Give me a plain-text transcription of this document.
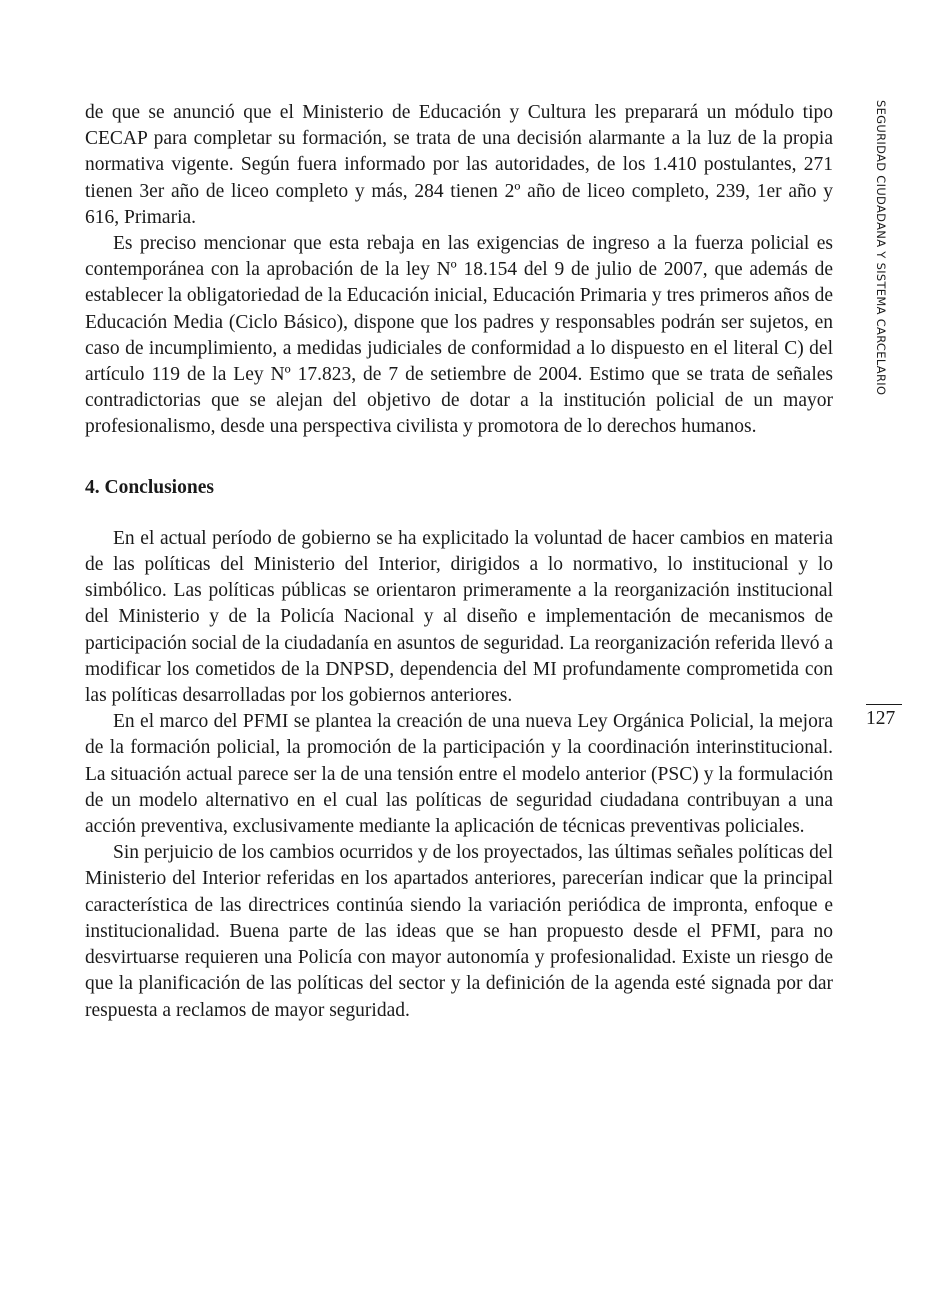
de que se anunció que el Ministerio de Educación y Cultura les preparará un módulo tipo CECAP para completar su formación, se trata de una decisión alarmante a la luz de la propia normativa vigente. Según fuera informado por las autoridades, de los 1.410 postulantes, 271 tienen 3er año de liceo completo y más, 284 tienen 2º año de liceo completo, 239, 1er año y 616, Primaria.

Es preciso mencionar que esta rebaja en las exigencias de ingreso a la fuerza policial es contemporánea con la aprobación de la ley Nº 18.154 del 9 de julio de 2007, que además de establecer la obligatoriedad de la Educación inicial, Educación Primaria y tres primeros años de Educación Media (Ciclo Básico), dispone que los padres y responsables podrán ser sujetos, en caso de incumplimiento, a medidas judiciales de conformidad a lo dispuesto en el literal C) del artículo 119 de la Ley Nº 17.823, de 7 de setiembre de 2004. Estimo que se trata de señales contradictorias que se alejan del objetivo de dotar a la institución policial de un mayor profesionalismo, desde una perspectiva civilista y promotora de lo derechos humanos.

4. Conclusiones

En el actual período de gobierno se ha explicitado la voluntad de hacer cambios en materia de las políticas del Ministerio del Interior, dirigidos a lo normativo, lo institucional y lo simbólico. Las políticas públicas se orientaron primeramente a la reorganización institucional del Ministerio y de la Policía Nacional y al diseño e implementación de mecanismos de participación social de la ciudadanía en asuntos de seguridad. La reorganización referida llevó a modificar los cometidos de la DNPSD, dependencia del MI profundamente comprometida con las políticas desarrolladas por los gobiernos anteriores.

En el marco del PFMI se plantea la creación de una nueva Ley Orgánica Policial, la mejora de la formación policial, la promoción de la participación y la coordinación interinstitucional. La situación actual parece ser la de una tensión entre el modelo anterior (PSC) y la formulación de un modelo alternativo en el cual las políticas de seguridad ciudadana contribuyan a una acción preventiva, exclusivamente mediante la aplicación de técnicas preventivas policiales.

Sin perjuicio de los cambios ocurridos y de los proyectados, las últimas señales políticas del Ministerio del Interior referidas en los apartados anteriores, parecerían indicar que la principal característica de las directrices continúa siendo la variación periódica de impronta, enfoque e institucionalidad. Buena parte de las ideas que se han propuesto desde el PFMI, para no desvirtuarse requieren una Policía con mayor autonomía y profesionalidad. Existe un riesgo de que la planificación de las políticas del sector y la definición de la agenda esté signada por dar respuesta a reclamos de mayor seguridad.

SEGURIDAD CIUDADANA Y SISTEMA CARCELARIO
127
